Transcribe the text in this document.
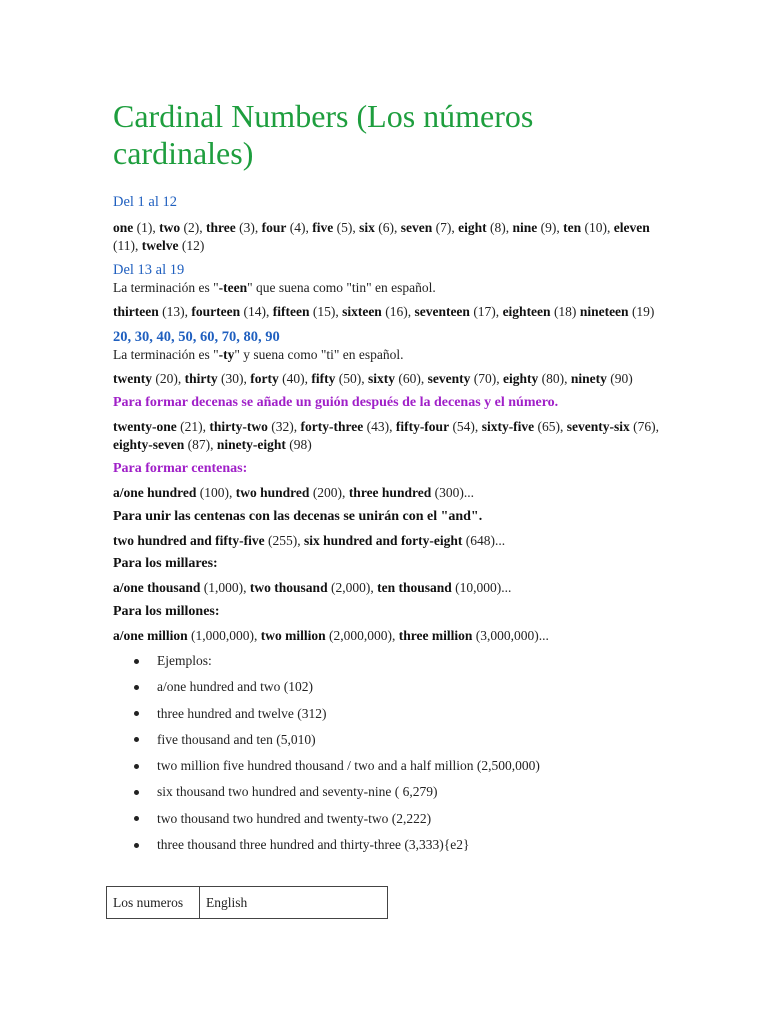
Cardinal Numbers (Los números cardinales)

Del 1 al 12

one (1), two (2), three (3), four (4), five (5), six (6), seven (7), eight (8), nine (9), ten (10), eleven (11), twelve (12)

Del 13 al 19

La terminación es "-teen" que suena como "tin" en español.

thirteen (13), fourteen (14), fifteen (15), sixteen (16), seventeen (17), eighteen (18) nineteen (19)

20, 30, 40, 50, 60, 70, 80, 90

La terminación es "-ty" y suena como "ti" en español.

twenty (20), thirty (30), forty (40), fifty (50), sixty (60), seventy (70), eighty (80), ninety (90)

Para formar decenas se añade un guión después de la decenas y el número.

twenty-one (21), thirty-two (32), forty-three (43), fifty-four (54), sixty-five (65), seventy-six (76), eighty-seven (87), ninety-eight (98)

Para formar centenas:

a/one hundred (100), two hundred (200), three hundred (300)...

Para unir las centenas con las decenas se unirán con el "and".

two hundred and fifty-five (255), six hundred and forty-eight (648)...

Para los millares:

a/one thousand (1,000), two thousand (2,000), ten thousand (10,000)...

Para los millones:

a/one million (1,000,000), two million (2,000,000), three million (3,000,000)...

Ejemplos:
a/one hundred and two (102)
three hundred and twelve (312)
five thousand and ten (5,010)
two million five hundred thousand / two and a half million (2,500,000)
six thousand two hundred and seventy-nine ( 6,279)
two thousand two hundred and twenty-two (2,222)
three thousand three hundred and thirty-three (3,333){e2}
Los numeros	English
